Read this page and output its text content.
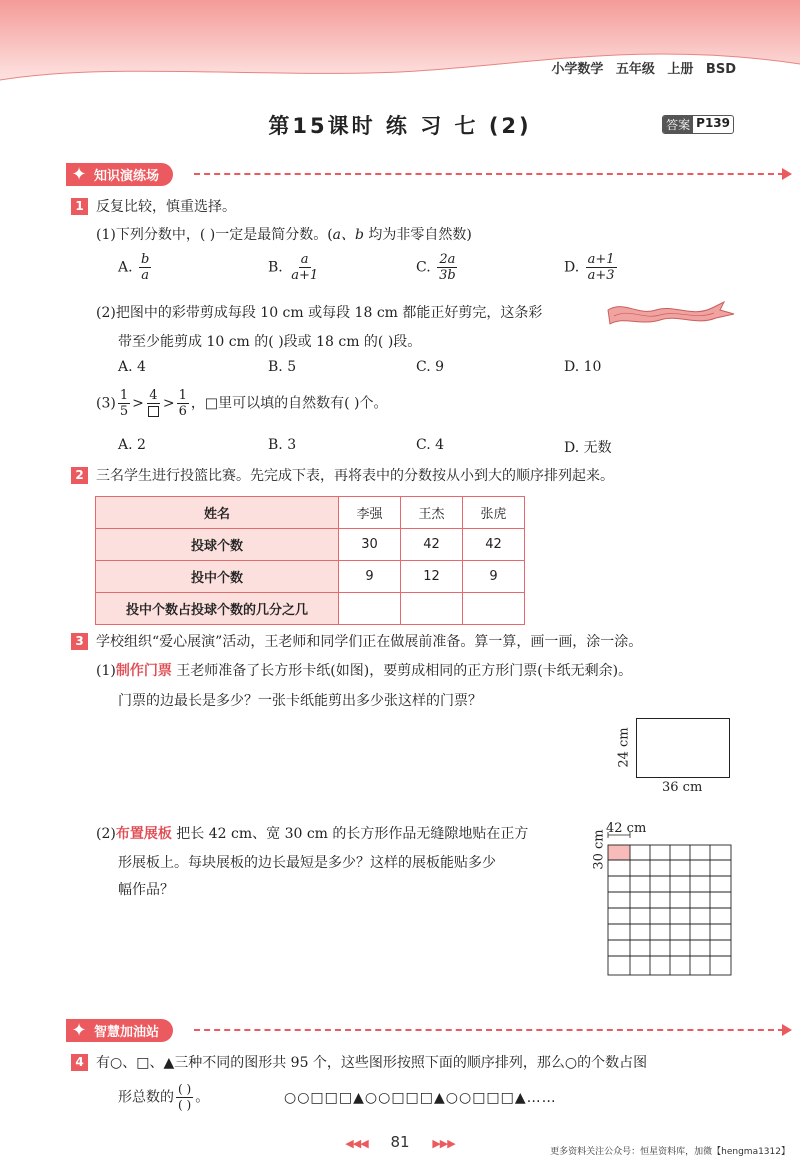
小学数学 五年级 上册 BSD
第15课时 练 习 七 (2)	答案 P139
✦ 知识演练场
1 反复比较，慎重选择。
(1)下列分数中，( )一定是最简分数。(a、b 均为非零自然数)
A. $\frac{b}{a}$	B. $\frac{a}{a+1}$	C. $\frac{2a}{3b}$	D. $\frac{a+1}{a+3}$
(2)把图中的彩带剪成每段 10 cm 或每段 18 cm 都能正好剪完，这条彩
带至少能剪成 10 cm 的( )段或 18 cm 的( )段。
A. 4	B. 5	C. 9	D. 10
$(3) \frac{1}{5} > 4 > \frac{1}{6}$ ，□里可以填的自然数有( )个。
A. 2	B. 3	C. 4	D. 无数
2 三名学生进行投篮比赛。先完成下表，再将表中的分数按从小到大的顺序排列起来。
姓名	李强	王杰	张虎
投球个数	30	42	42
投中个数	9	12	9
投中个数占投球个数的几分之几			
3 学校组织“爱心展演”活动，王老师和同学们正在做展前准备。算一算，画一画，涂一涂。
(1)制作门票 王老师准备了长方形卡纸(如图)，要剪成相同的正方形门票(卡纸无剩余)。
门票的边最长是多少？一张卡纸能剪出多少张这样的门票？
36 cm
24 cm
(2)布置展板 把长 42 cm、宽 30 cm 的长方形作品无缝隙地贴在正方
形展板上。每块展板的边长最短是多少？这样的展板能贴多少
幅作品？
42 cm
30 cm
✦ 智慧加油站
4 有○、□、▲三种不同的图形共 95 个，这些图形按照下面的顺序排列，那么○的个数占图
形总数的 $\frac{( )}{( )}$ 。	○○□□□▲○○□□□▲○○□□□▲……
◀◀◀ 81 ▶▶▶
更多资料关注公众号：恒星资料库，加微【hengma1312】
